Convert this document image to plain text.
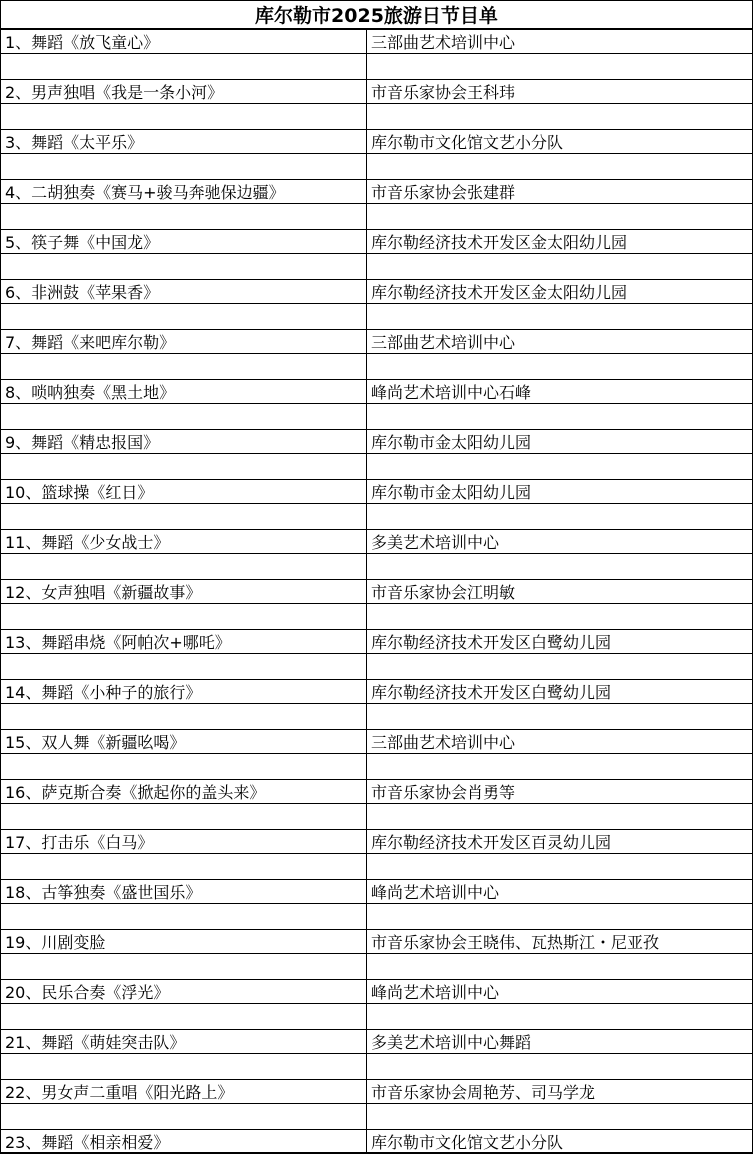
库尔勒市2025旅游日节目单
1、舞蹈《放飞童心》	三部曲艺术培训中心

2、男声独唱《我是一条小河》	市音乐家协会王科玮

3、舞蹈《太平乐》	库尔勒市文化馆文艺小分队

4、二胡独奏《赛马+骏马奔驰保边疆》	市音乐家协会张建群

5、筷子舞《中国龙》	库尔勒经济技术开发区金太阳幼儿园

6、非洲鼓《苹果香》	库尔勒经济技术开发区金太阳幼儿园

7、舞蹈《来吧库尔勒》	三部曲艺术培训中心

8、唢呐独奏《黑土地》	峰尚艺术培训中心石峰

9、舞蹈《精忠报国》	库尔勒市金太阳幼儿园

10、篮球操《红日》	库尔勒市金太阳幼儿园

11、舞蹈《少女战士》	多美艺术培训中心

12、女声独唱《新疆故事》	市音乐家协会江明敏

13、舞蹈串烧《阿帕次+哪吒》	库尔勒经济技术开发区白鹭幼儿园

14、舞蹈《小种子的旅行》	库尔勒经济技术开发区白鹭幼儿园

15、双人舞《新疆吆喝》	三部曲艺术培训中心

16、萨克斯合奏《掀起你的盖头来》	市音乐家协会肖勇等

17、打击乐《白马》	库尔勒经济技术开发区百灵幼儿园

18、古筝独奏《盛世国乐》	峰尚艺术培训中心

19、川剧变脸	市音乐家协会王晓伟、瓦热斯江・尼亚孜

20、民乐合奏《浮光》	峰尚艺术培训中心

21、舞蹈《萌娃突击队》	多美艺术培训中心舞蹈

22、男女声二重唱《阳光路上》	市音乐家协会周艳芳、司马学龙

23、舞蹈《相亲相爱》	库尔勒市文化馆文艺小分队
